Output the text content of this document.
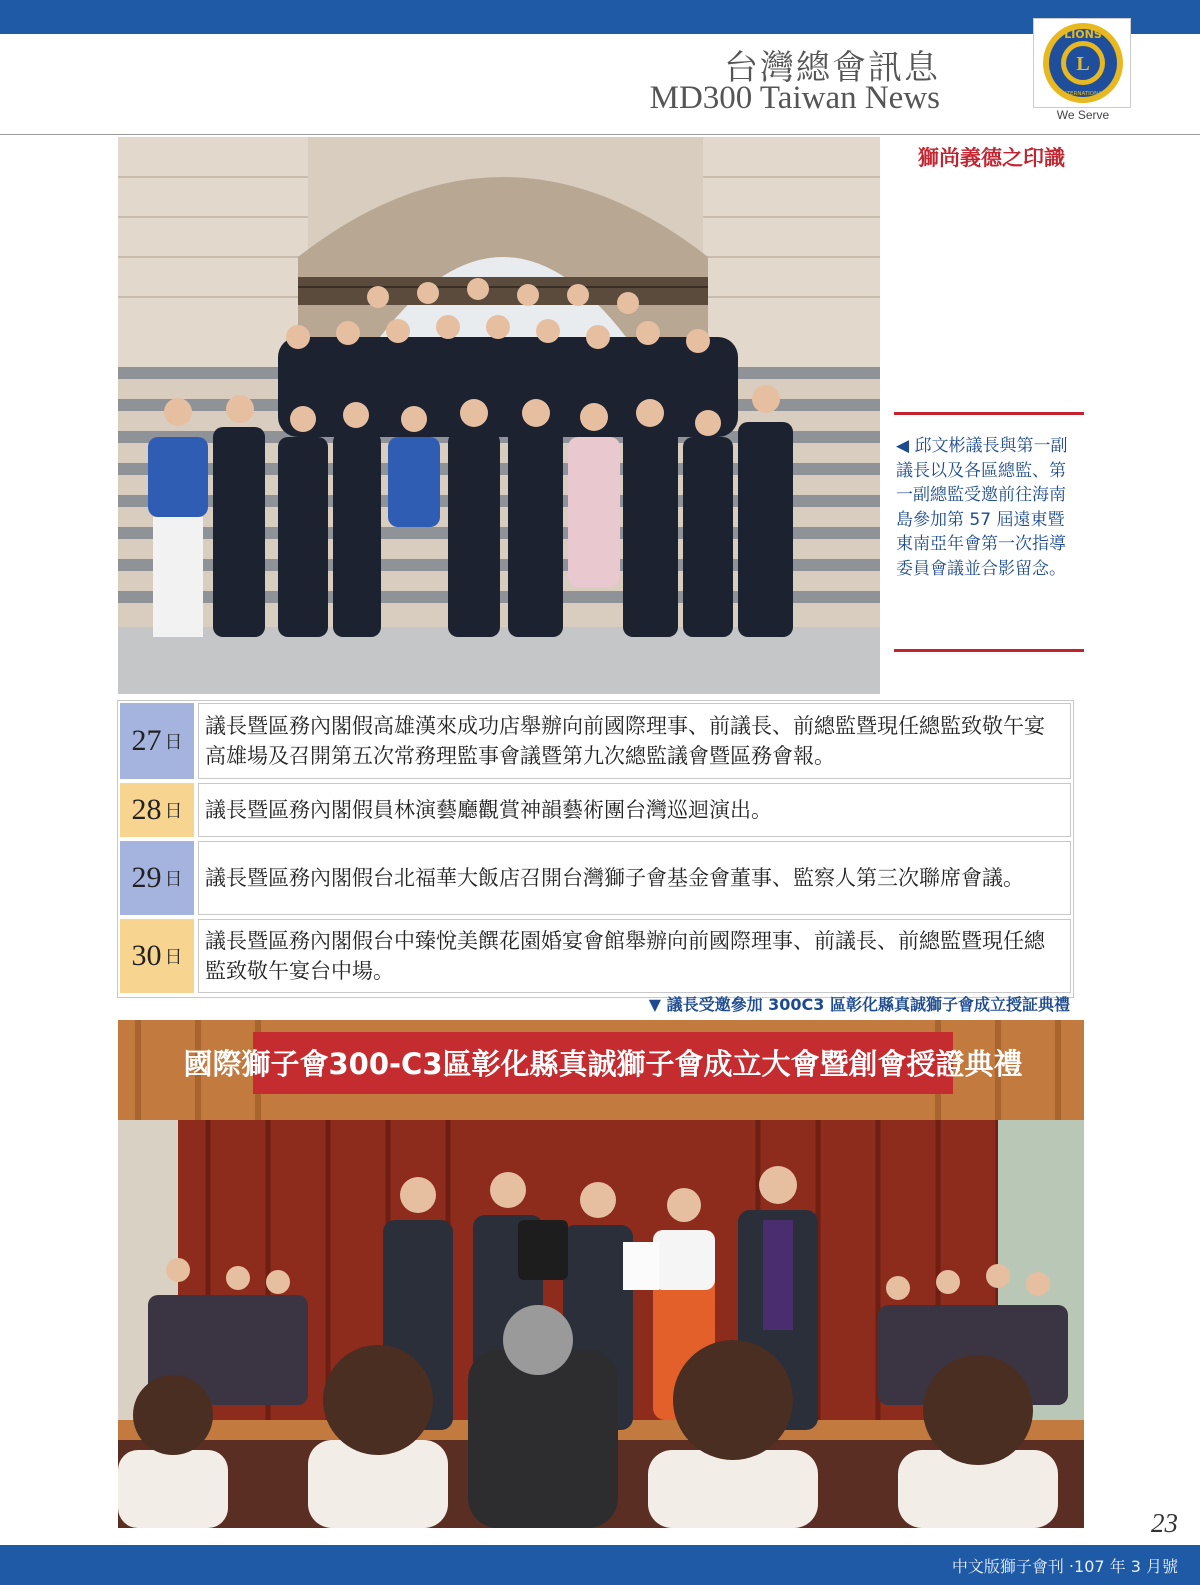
台灣總會訊息
MD300 Taiwan News
LIONS
L
INTERNATIONAL
We Serve
獅尚義德之印識
◀ 邱文彬議長與第一副議長以及各區總監、第一副總監受邀前往海南島參加第 57 屆遠東暨東南亞年會第一次指導委員會議並合影留念。
27 日
議長暨區務內閣假高雄漢來成功店舉辦向前國際理事、前議長、前總監暨現任總監致敬午宴高雄場及召開第五次常務理監事會議暨第九次總監議會暨區務會報。
28 日	議長暨區務內閣假員林演藝廳觀賞神韻藝術團台灣巡迴演出。
29 日	議長暨區務內閣假台北福華大飯店召開台灣獅子會基金會董事、監察人第三次聯席會議。
30 日
議長暨區務內閣假台中臻悅美饌花園婚宴會館舉辦向前國際理事、前議長、前總監暨現任總監致敬午宴台中場。
▼ 議長受邀參加 300C3 區彰化縣真誠獅子會成立授証典禮
國際獅子會300-C3區彰化縣真誠獅子會成立大會暨創會授證典禮
23
中文版獅子會刊 ‧107 年 3 月號
